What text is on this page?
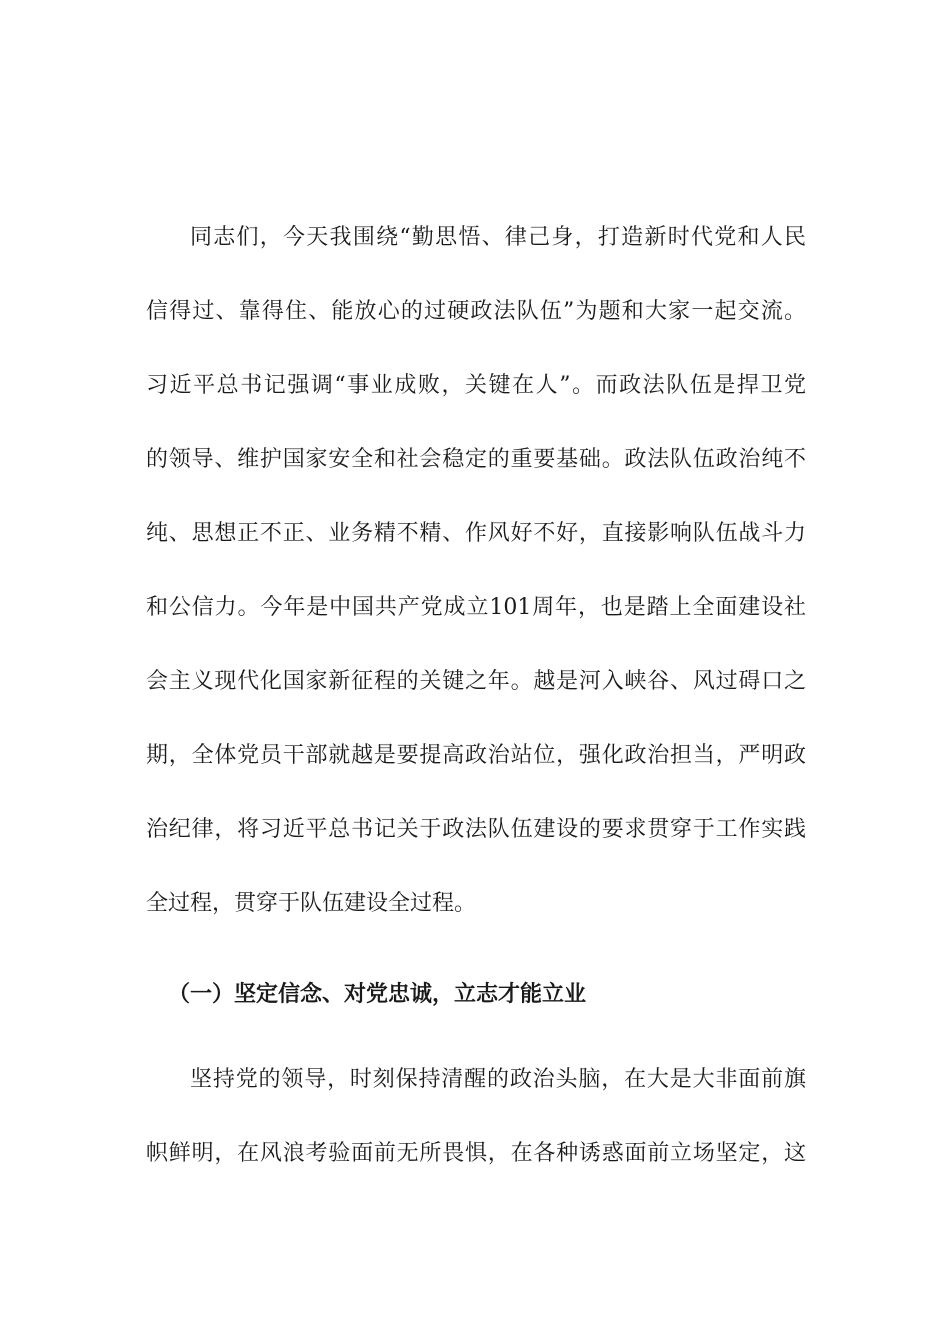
同志们，今天我围绕“勤思悟、律己身，打造新时代党和人民
信得过、靠得住、能放心的过硬政法队伍”为题和大家一起交流。
习近平总书记强调“事业成败，关键在人”。而政法队伍是捍卫党
的领导、维护国家安全和社会稳定的重要基础。政法队伍政治纯不
纯、思想正不正、业务精不精、作风好不好，直接影响队伍战斗力
和公信力。今年是中国共产党成立101周年，也是踏上全面建设社
会主义现代化国家新征程的关键之年。越是河入峡谷、风过碍口之
期，全体党员干部就越是要提高政治站位，强化政治担当，严明政
治纪律，将习近平总书记关于政法队伍建设的要求贯穿于工作实践
全过程，贯穿于队伍建设全过程。
（一）坚定信念、对党忠诚，立志才能立业
坚持党的领导，时刻保持清醒的政治头脑，在大是大非面前旗
帜鲜明，在风浪考验面前无所畏惧，在各种诱惑面前立场坚定，这
